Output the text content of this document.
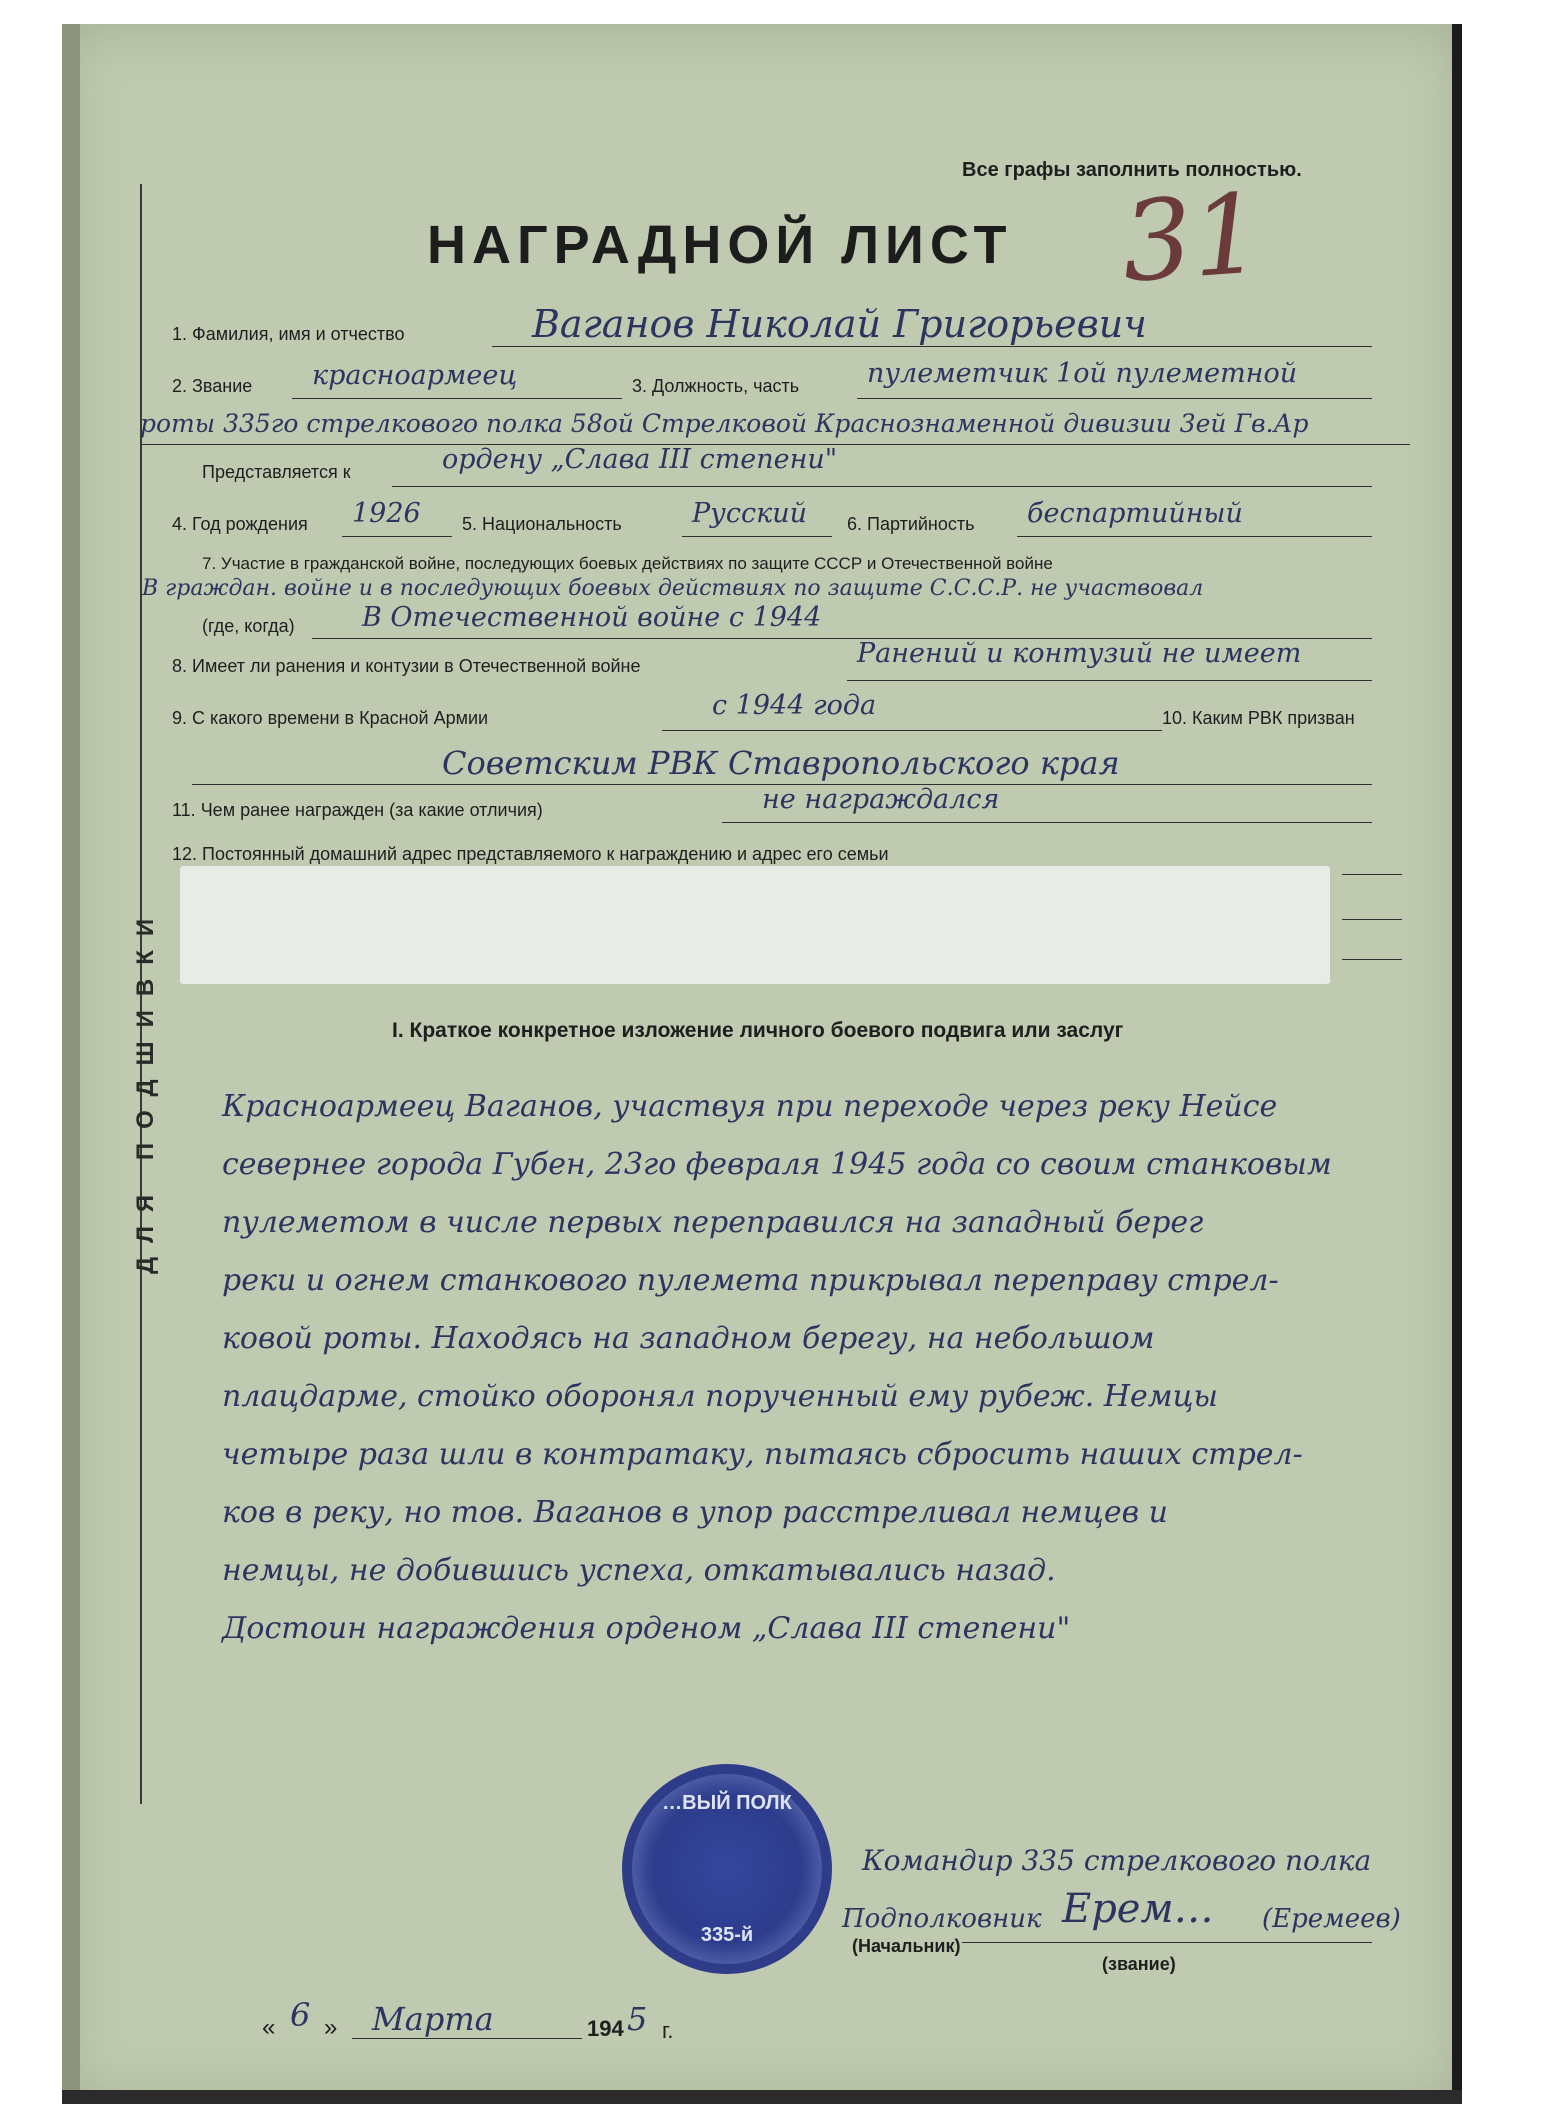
ДЛЯ ПОДШИВКИ
Все графы заполнить полностью.
НАГРАДНОЙ ЛИСТ 31
1. Фамилия, имя и отчество	Ваганов Николай Григорьевич
2. Звание красноармеец	3. Должность, часть	пулеметчик 1ой пулеметной
роты 335го стрелкового полка 58ой Стрелковой Краснознаменной дивизии 3ей Гв.Ар
Представляется к	ордену „Слава III степени"
4. Год рождения 1926 5. Национальность	Русский 6. Партийность беспартийный
7. Участие в гражданской войне, последующих боевых действиях по защите СССР и Отечественной войне
В граждан. войне и в последующих боевых действиях по защите С.С.С.Р. не участвовал
(где, когда) В Отечественной войне с 1944
8. Имеет ли ранения и контузии в Отечественной войне	Ранений и контузий не имеет
9. С какого времени в Красной Армии	с 1944 года	10. Каким РВК призван
Советским РВК Ставропольского края
11. Чем ранее награжден (за какие отличия)	не награждался
12. Постоянный домашний адрес представляемого к награждению и адрес его семьи
I. Краткое конкретное изложение личного боевого подвига или заслуг
Красноармеец Ваганов, участвуя при переходе через реку Нейсе
севернее города Губен, 23го февраля 1945 года со своим станковым
пулеметом в числе первых переправился на западный берег
реки и огнем станкового пулемета прикрывал переправу стрел-
ковой роты. Находясь на западном берегу, на небольшом
плацдарме, стойко оборонял порученный ему рубеж. Немцы
четыре раза шли в контратаку, пытаясь сбросить наших стрел-
ков в реку, но тов. Ваганов в упор расстреливал немцев и
немцы, не добившись успеха, откатывались назад.
Достоин награждения орденом „Слава III степени"
…ВЫЙ ПОЛК
335-й
Командир 335 стрелкового полка
Подполковник Ерем… (Еремеев)
(Начальник)
(звание)
« 6 » Марта	194 5 г.
